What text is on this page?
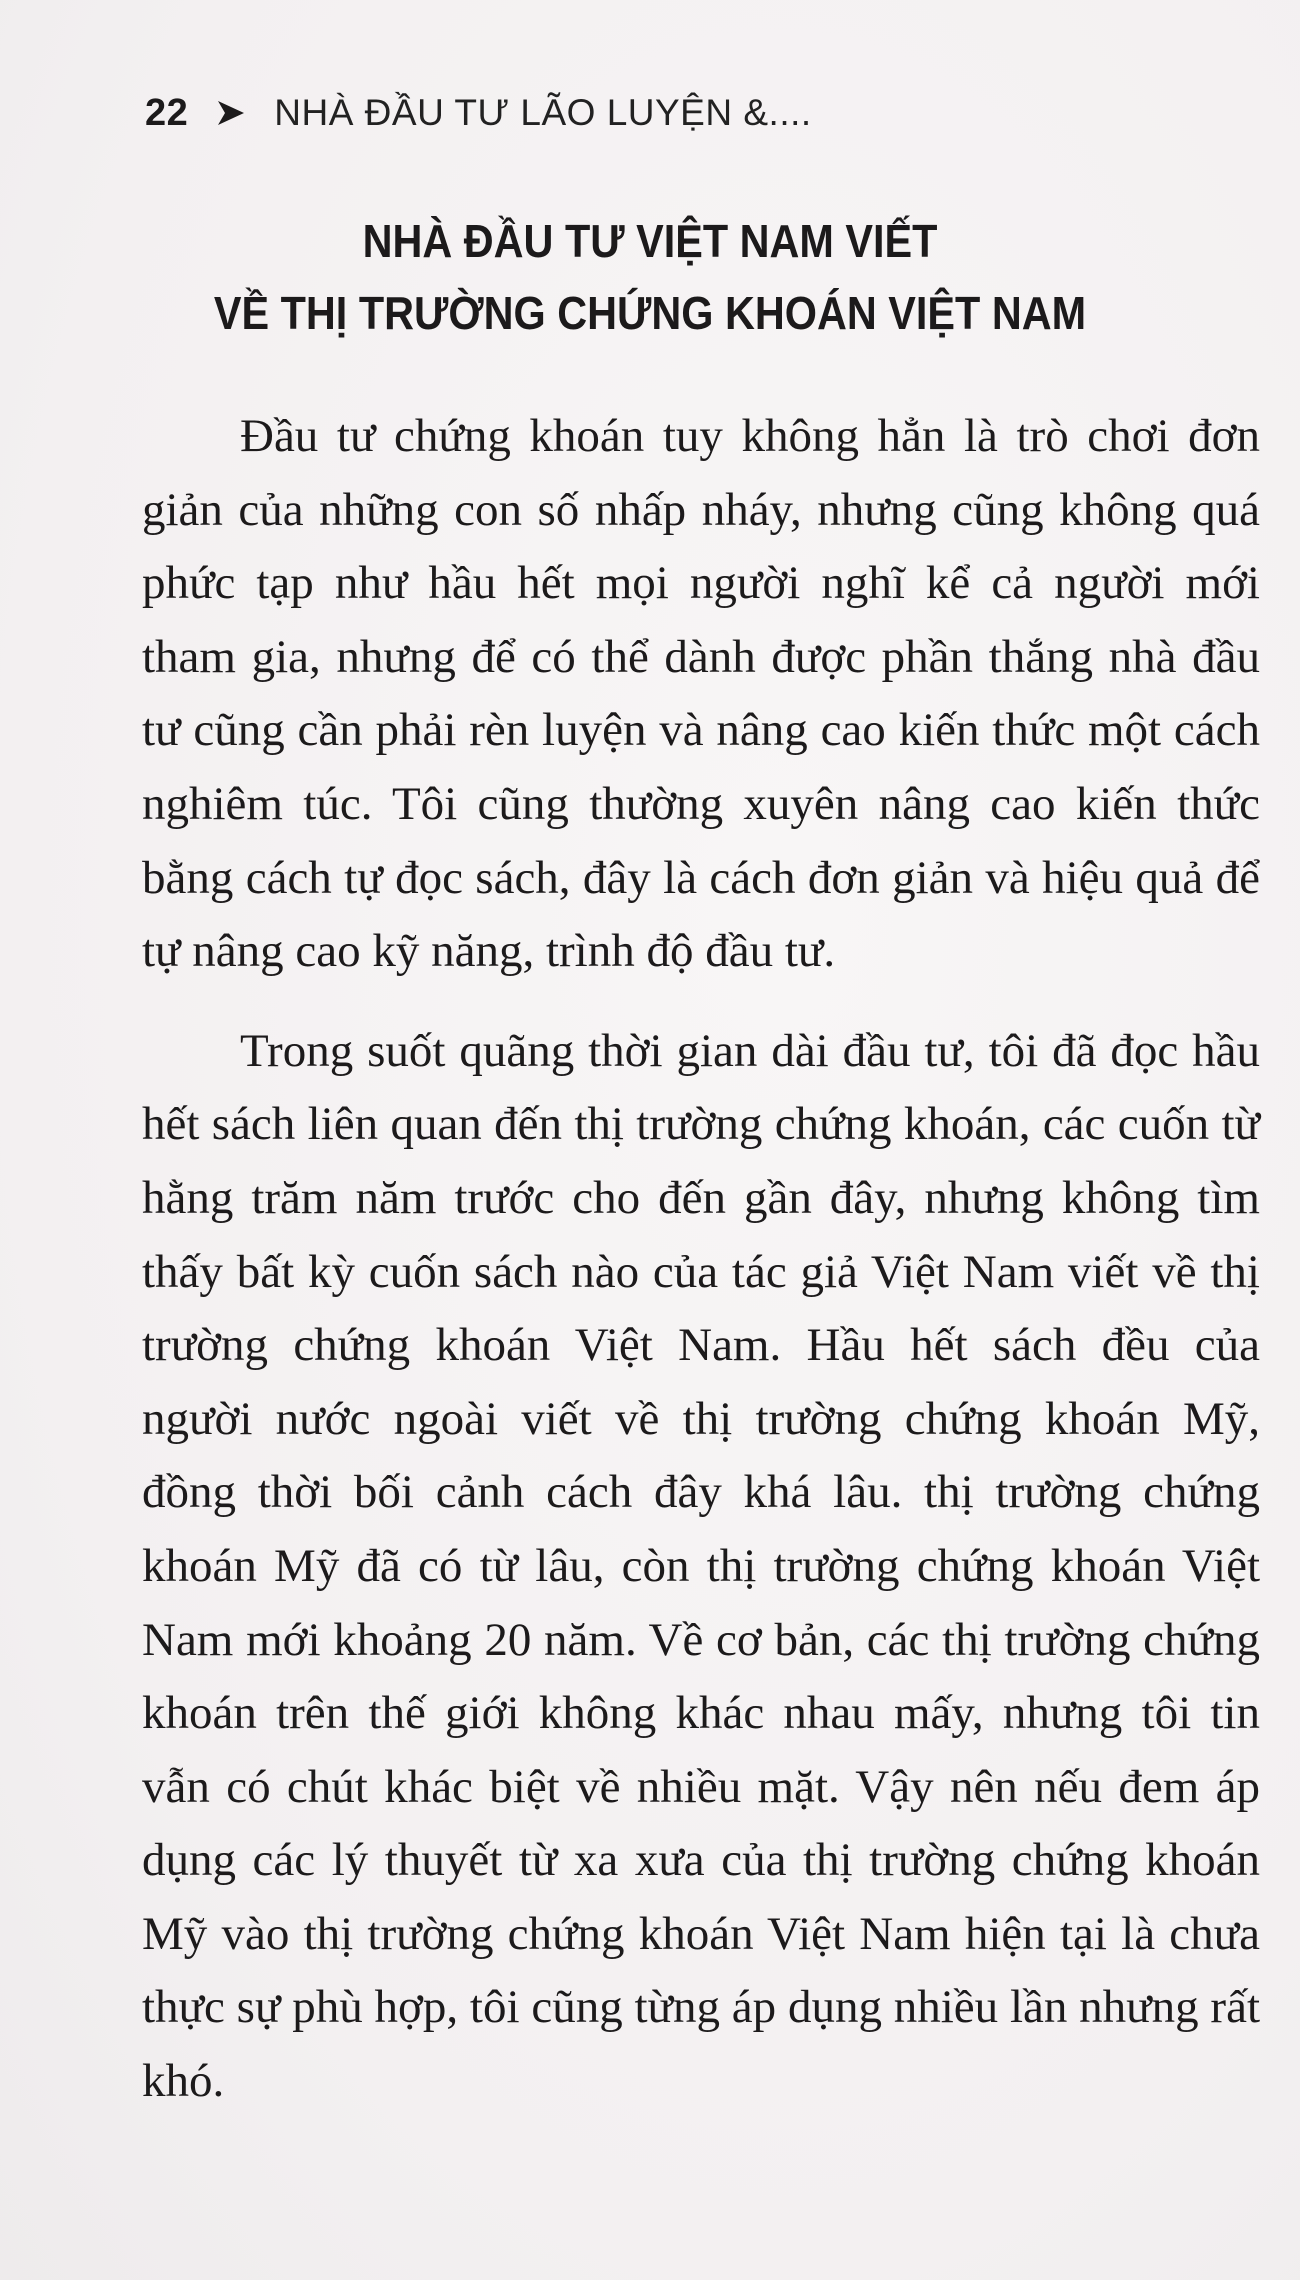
22 NHÀ ĐẦU TƯ LÃO LUYỆN &....
NHÀ ĐẦU TƯ VIỆT NAM VIẾT
VỀ THỊ TRƯỜNG CHỨNG KHOÁN VIỆT NAM

Đầu tư chứng khoán tuy không hẳn là trò chơi đơn giản của những con số nhấp nháy, nhưng cũng không quá phức tạp như hầu hết mọi người nghĩ kể cả người mới tham gia, nhưng để có thể dành được phần thắng nhà đầu tư cũng cần phải rèn luyện và nâng cao kiến thức một cách nghiêm túc. Tôi cũng thường xuyên nâng cao kiến thức bằng cách tự đọc sách, đây là cách đơn giản và hiệu quả để tự nâng cao kỹ năng, trình độ đầu tư.

Trong suốt quãng thời gian dài đầu tư, tôi đã đọc hầu hết sách liên quan đến thị trường chứng khoán, các cuốn từ hằng trăm năm trước cho đến gần đây, nhưng không tìm thấy bất kỳ cuốn sách nào của tác giả Việt Nam viết về thị trường chứng khoán Việt Nam. Hầu hết sách đều của người nước ngoài viết về thị trường chứng khoán Mỹ, đồng thời bối cảnh cách đây khá lâu. thị trường chứng khoán Mỹ đã có từ lâu, còn thị trường chứng khoán Việt Nam mới khoảng 20 năm. Về cơ bản, các thị trường chứng khoán trên thế giới không khác nhau mấy, nhưng tôi tin vẫn có chút khác biệt về nhiều mặt. Vậy nên nếu đem áp dụng các lý thuyết từ xa xưa của thị trường chứng khoán Mỹ vào thị trường chứng khoán Việt Nam hiện tại là chưa thực sự phù hợp, tôi cũng từng áp dụng nhiều lần nhưng rất khó.
